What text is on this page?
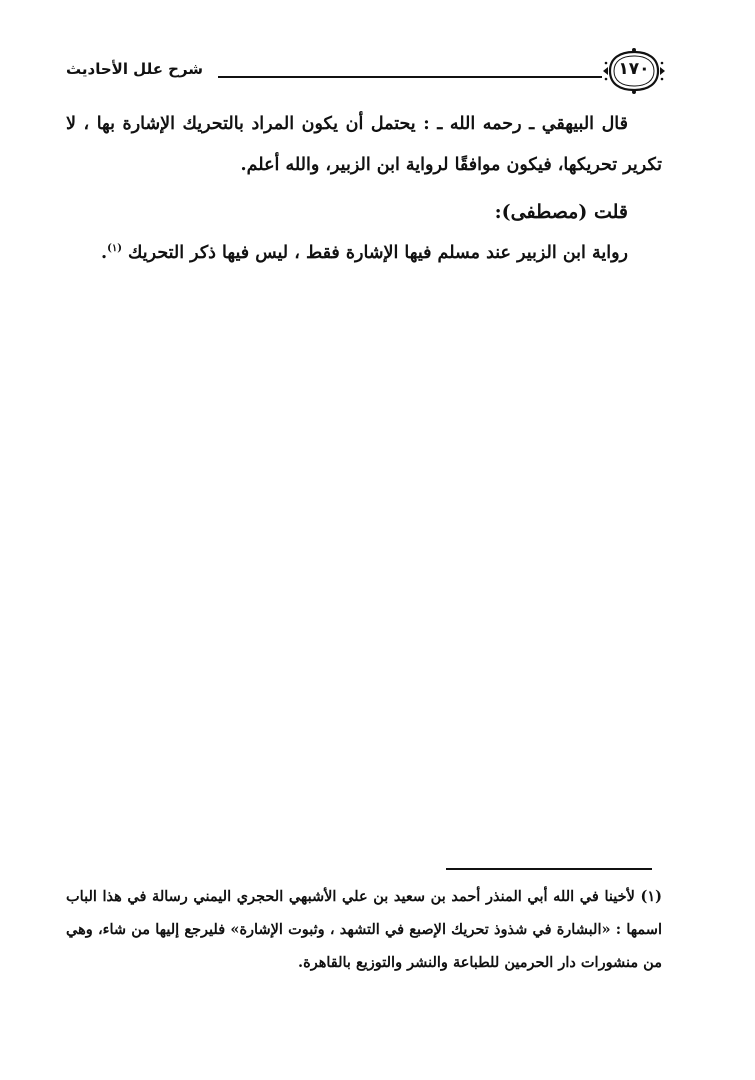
شرح علل الأحاديث	١٧٠

قال البيهقي ـ رحمه الله ـ : يحتمل أن يكون المراد بالتحريك الإشارة بها ، لا تكرير تحريكها، فيكون موافقًا لرواية ابن الزبير، والله أعلم.

قلت (مصطفى):

رواية ابن الزبير عند مسلم فيها الإشارة فقط ، ليس فيها ذكر التحريك $^{(١)}$.

(١) لأخينا في الله أبي المنذر أحمد بن سعيد بن علي الأشبهي الحجري اليمني رسالة في هذا الباب اسمها : «البشارة في شذوذ تحريك الإصبع في التشهد ، وثبوت الإشارة» فليرجع إليها من شاء، وهي من منشورات دار الحرمين للطباعة والنشر والتوزيع بالقاهرة.
